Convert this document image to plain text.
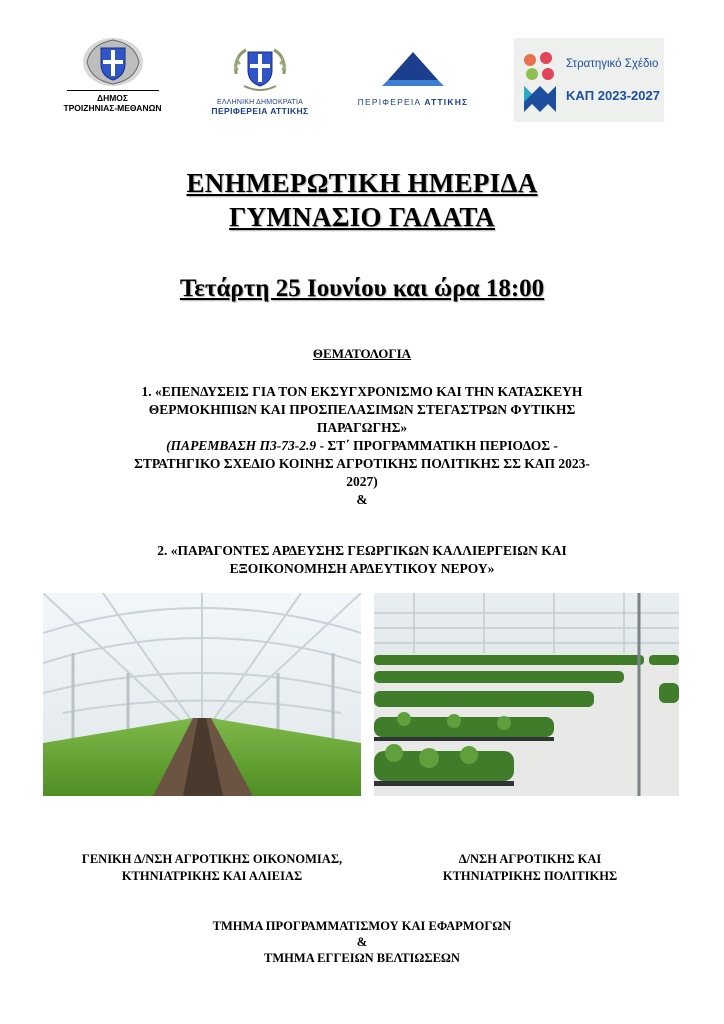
ΔΗΜΟΣ
ΤΡΟΙΖΗΝΙΑΣ-ΜΕΘΑΝΩΝ
ΕΛΛΗΝΙΚΗ ΔΗΜΟΚΡΑΤΙΑ
ΠΕΡΙΦΕΡΕΙΑ ΑΤΤΙΚΗΣ
ΠΕΡΙΦΕΡΕΙΑ ΑΤΤΙΚΗΣ
Στρατηγικό Σχέδιο
ΚΑΠ 2023-2027
ΕΝΗΜΕΡΩΤΙΚΗ ΗΜΕΡΙΔΑ
ΓΥΜΝΑΣΙΟ ΓΑΛΑΤΑ
Τετάρτη 25 Ιουνίου και ώρα 18:00
ΘΕΜΑΤΟΛΟΓΙΑ
1. «ΕΠΕΝΔΥΣΕΙΣ ΓΙΑ ΤΟΝ ΕΚΣΥΓΧΡΟΝΙΣΜΟ ΚΑΙ ΤΗΝ ΚΑΤΑΣΚΕΥΗ
ΘΕΡΜΟΚΗΠΙΩΝ ΚΑΙ ΠΡΟΣΠΕΛΑΣΙΜΩΝ ΣΤΕΓΑΣΤΡΩΝ ΦΥΤΙΚΗΣ
ΠΑΡΑΓΩΓΗΣ»
(ΠΑΡΕΜΒΑΣΗ Π3-73-2.9 - ΣΤ΄ ΠΡΟΓΡΑΜΜΑΤΙΚΗ ΠΕΡΙΟΔΟΣ -
ΣΤΡΑΤΗΓΙΚΟ ΣΧΕΔΙΟ ΚΟΙΝΗΣ ΑΓΡΟΤΙΚΗΣ ΠΟΛΙΤΙΚΗΣ ΣΣ ΚΑΠ 2023-
2027)
&
2. «ΠΑΡΑΓΟΝΤΕΣ ΑΡΔΕΥΣΗΣ ΓΕΩΡΓΙΚΩΝ ΚΑΛΛΙΕΡΓΕΙΩΝ ΚΑΙ
ΕΞΟΙΚΟΝΟΜΗΣΗ ΑΡΔΕΥΤΙΚΟΥ ΝΕΡΟΥ»
ΓΕΝΙΚΗ Δ/ΝΣΗ ΑΓΡΟΤΙΚΗΣ ΟΙΚΟΝΟΜΙΑΣ,
ΚΤΗΝΙΑΤΡΙΚΗΣ ΚΑΙ ΑΛΙΕΙΑΣ
Δ/ΝΣΗ ΑΓΡΟΤΙΚΗΣ ΚΑΙ
ΚΤΗΝΙΑΤΡΙΚΗΣ ΠΟΛΙΤΙΚΗΣ
ΤΜΗΜΑ ΠΡΟΓΡΑΜΜΑΤΙΣΜΟΥ ΚΑΙ ΕΦΑΡΜΟΓΩΝ
&
ΤΜΗΜΑ ΕΓΓΕΙΩΝ ΒΕΛΤΙΩΣΕΩΝ
